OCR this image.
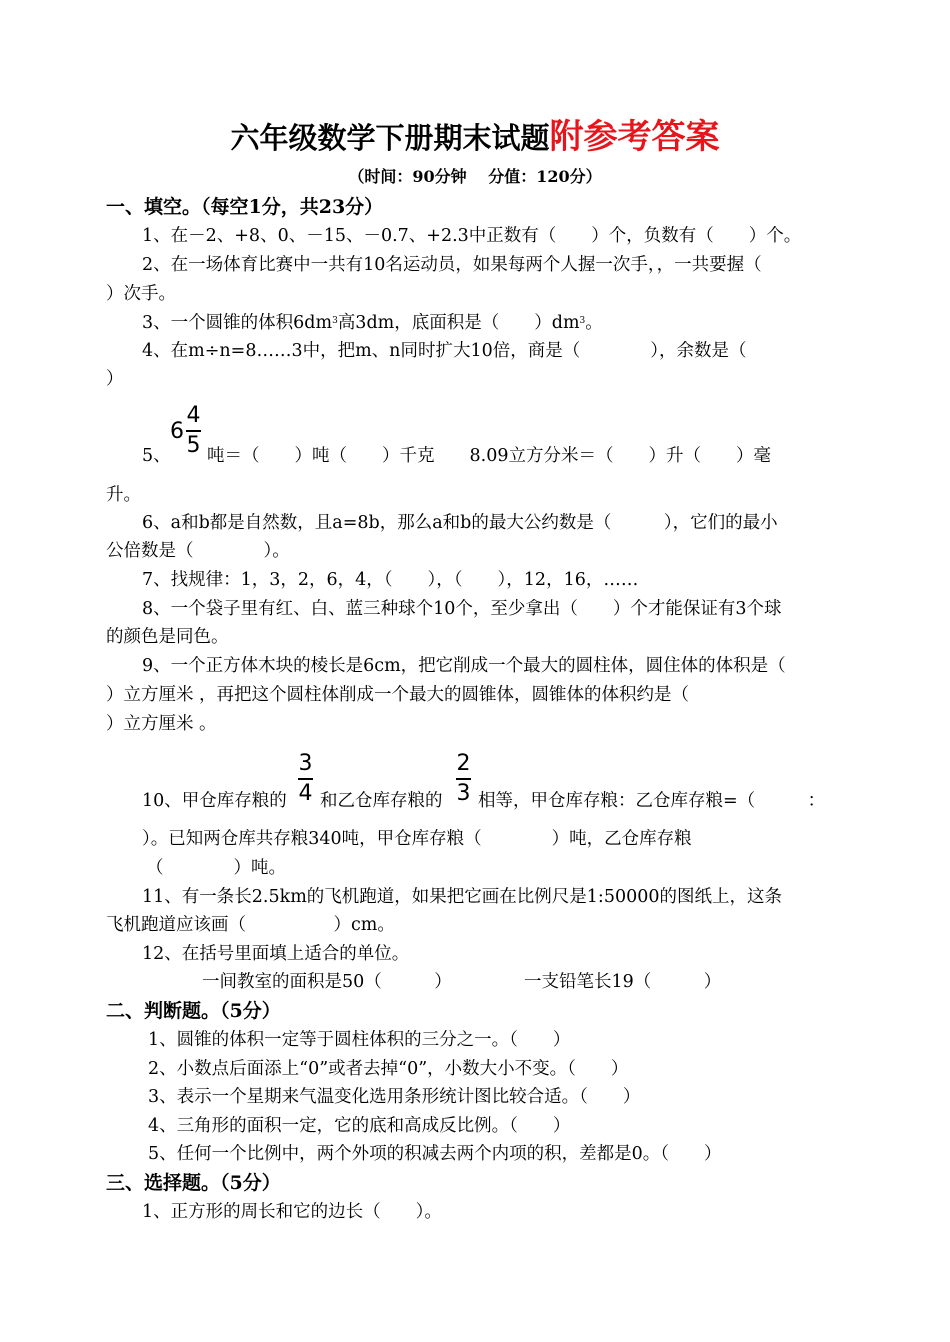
六年级数学下册期末试题附参考答案
（时间：90分钟　 分值：120分）
一、填空。（每空1分，共23分）
1、在－2、+8、0、－15、－0.7、+2.3中正数有（　　）个，负数有（　　）个。
2、在一场体育比赛中一共有10名运动员，如果每两个人握一次手，，一共要握（
）次手。
3、一个圆锥的体积$6dm^3$高3dm，底面积是（　　）$dm^3$。
4、在m÷n=8……3中，把m、n同时扩大10倍，商是（　　　　），余数是（
）
5、
6
4
5 吨＝（　　）吨（　　）千克　　8.09立方分米＝（　　）升（　　）毫
升。
6、a和b都是自然数，且a=8b，那么a和b的最大公约数是（　　　），它们的最小
公倍数是（　　　　）。
7、找规律：1，3，2，6，4，（　　），（　　），12，16，……
8、一个袋子里有红、白、蓝三种球个10个，至少拿出（　　）个才能保证有3个球
的颜色是同色。
9、一个正方体木块的棱长是6cm，把它削成一个最大的圆柱体，圆住体的体积是（
）立方厘米 ，再把这个圆柱体削成一个最大的圆锥体，圆锥体的体积约是（
）立方厘米 。
10、甲仓库存粮的
3
4 和乙仓库存粮的
2
3 相等，甲仓库存粮：乙仓库存粮=（　　　：
）。已知两仓库共存粮340吨，甲仓库存粮（　　　　）吨，乙仓库存粮
（　　　　）吨。
11、有一条长2.5km的飞机跑道，如果把它画在比例尺是1:50000的图纸上，这条
飞机跑道应该画（　　　　　）cm。
12、在括号里面填上适合的单位。
一间教室的面积是50（　　　）	一支铅笔长19（　　　）
二、判断题。（5分）
1、圆锥的体积一定等于圆柱体积的三分之一。（　　）
2、小数点后面添上“0”或者去掉“0”，小数大小不变。（　　）
3、表示一个星期来气温变化选用条形统计图比较合适。（　　）
4、三角形的面积一定，它的底和高成反比例。（　　）
5、任何一个比例中，两个外项的积减去两个内项的积，差都是0。（　　）
三、选择题。（5分）
1、正方形的周长和它的边长（　　）。
